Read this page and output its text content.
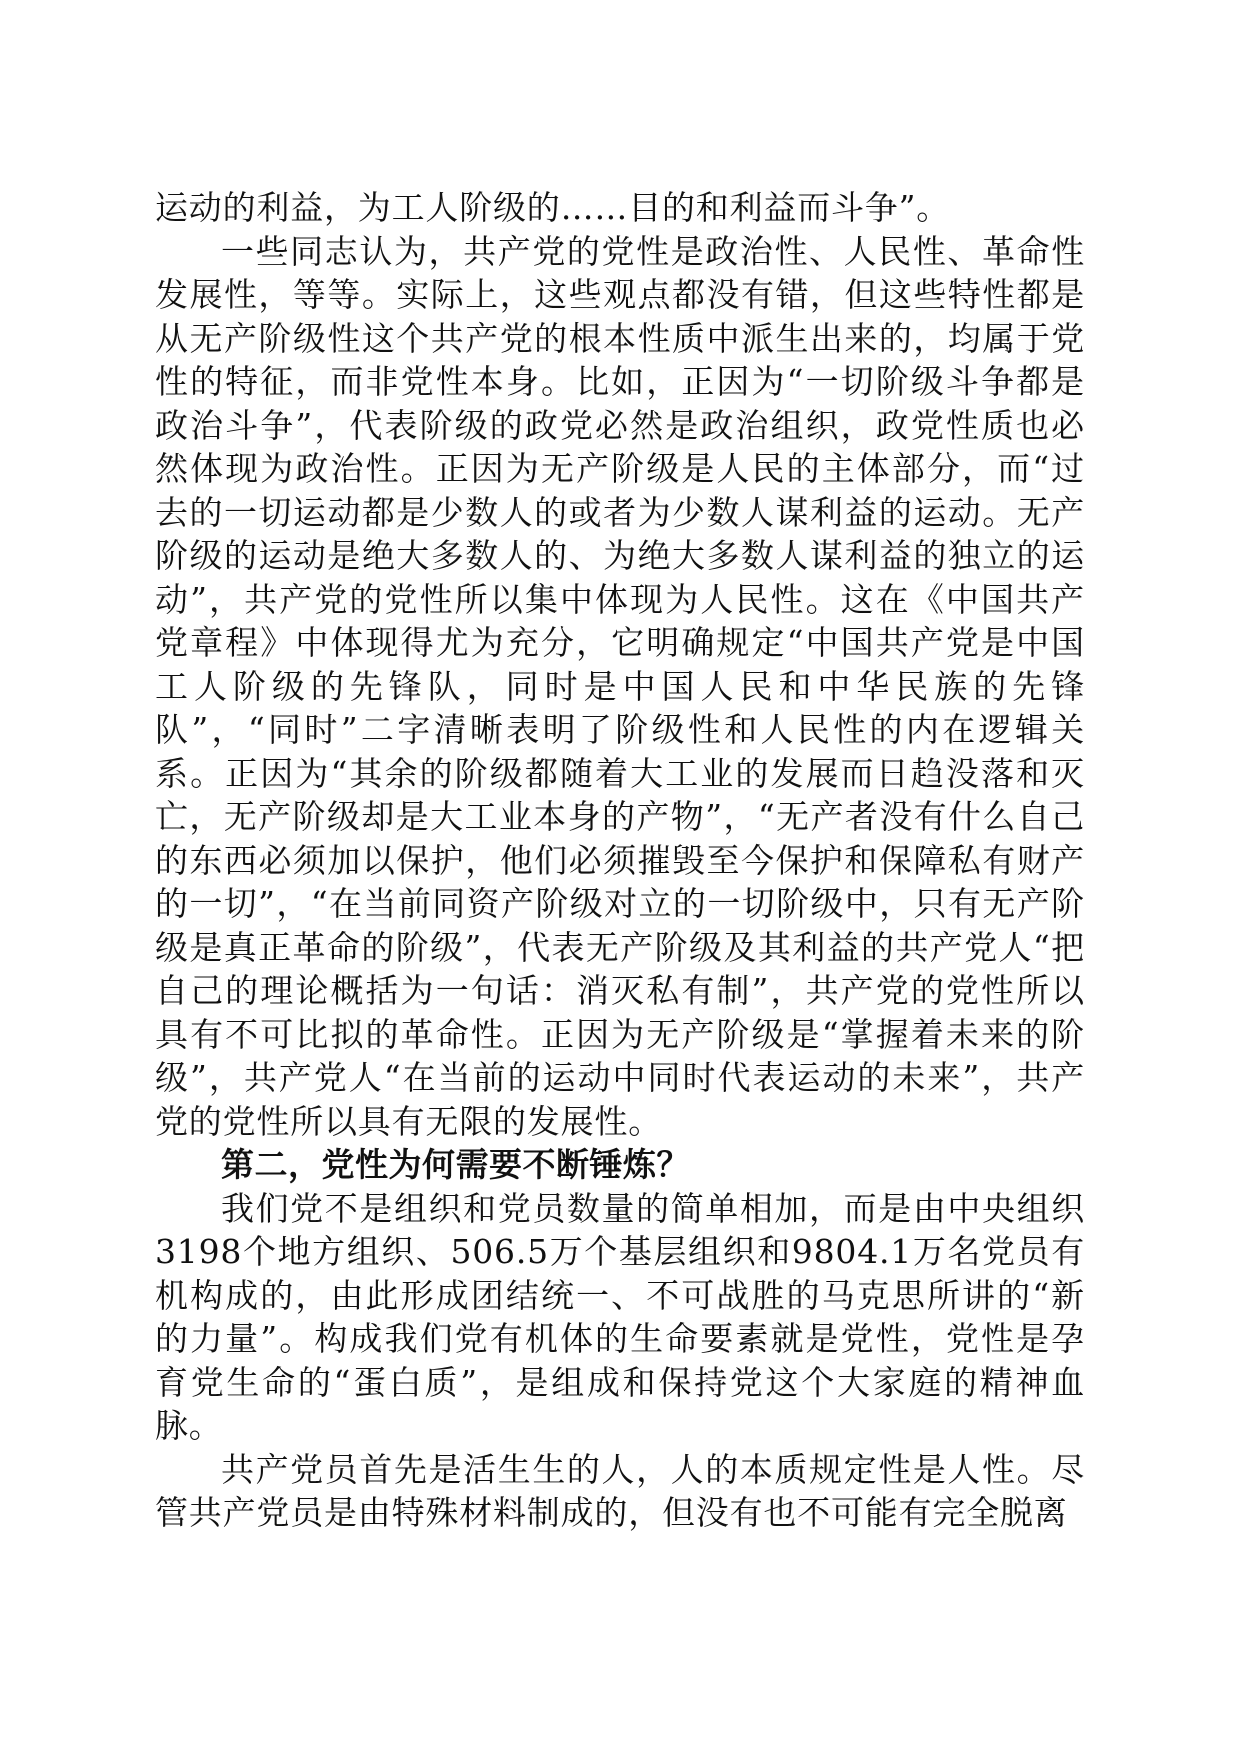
运动的利益，为工人阶级的……目的和利益而斗争”。

一些同志认为，共产党的党性是政治性、人民性、革命性发展性，等等。实际上，这些观点都没有错，但这些特性都是从无产阶级性这个共产党的根本性质中派生出来的，均属于党性的特征，而非党性本身。比如，正因为“一切阶级斗争都是政治斗争”，代表阶级的政党必然是政治组织，政党性质也必然体现为政治性。正因为无产阶级是人民的主体部分，而“过去的一切运动都是少数人的或者为少数人谋利益的运动。无产阶级的运动是绝大多数人的、为绝大多数人谋利益的独立的运动”，共产党的党性所以集中体现为人民性。这在《中国共产党章程》中体现得尤为充分，它明确规定“中国共产党是中国工人阶级的先锋队，同时是中国人民和中华民族的先锋队”，“同时”二字清晰表明了阶级性和人民性的内在逻辑关系。正因为“其余的阶级都随着大工业的发展而日趋没落和灭亡，无产阶级却是大工业本身的产物”，“无产者没有什么自己的东西必须加以保护，他们必须摧毁至今保护和保障私有财产的一切”，“在当前同资产阶级对立的一切阶级中，只有无产阶级是真正革命的阶级”，代表无产阶级及其利益的共产党人“把自己的理论概括为一句话：消灭私有制”，共产党的党性所以具有不可比拟的革命性。正因为无产阶级是“掌握着未来的阶级”，共产党人“在当前的运动中同时代表运动的未来”，共产党的党性所以具有无限的发展性。

第二，党性为何需要不断锤炼？

我们党不是组织和党员数量的简单相加，而是由中央组织3198个地方组织、506.5万个基层组织和9804.1万名党员有机构成的，由此形成团结统一、不可战胜的马克思所讲的“新的力量”。构成我们党有机体的生命要素就是党性，党性是孕育党生命的“蛋白质”，是组成和保持党这个大家庭的精神血脉。

共产党员首先是活生生的人，人的本质规定性是人性。尽管共产党员是由特殊材料制成的，但没有也不可能有完全脱离
